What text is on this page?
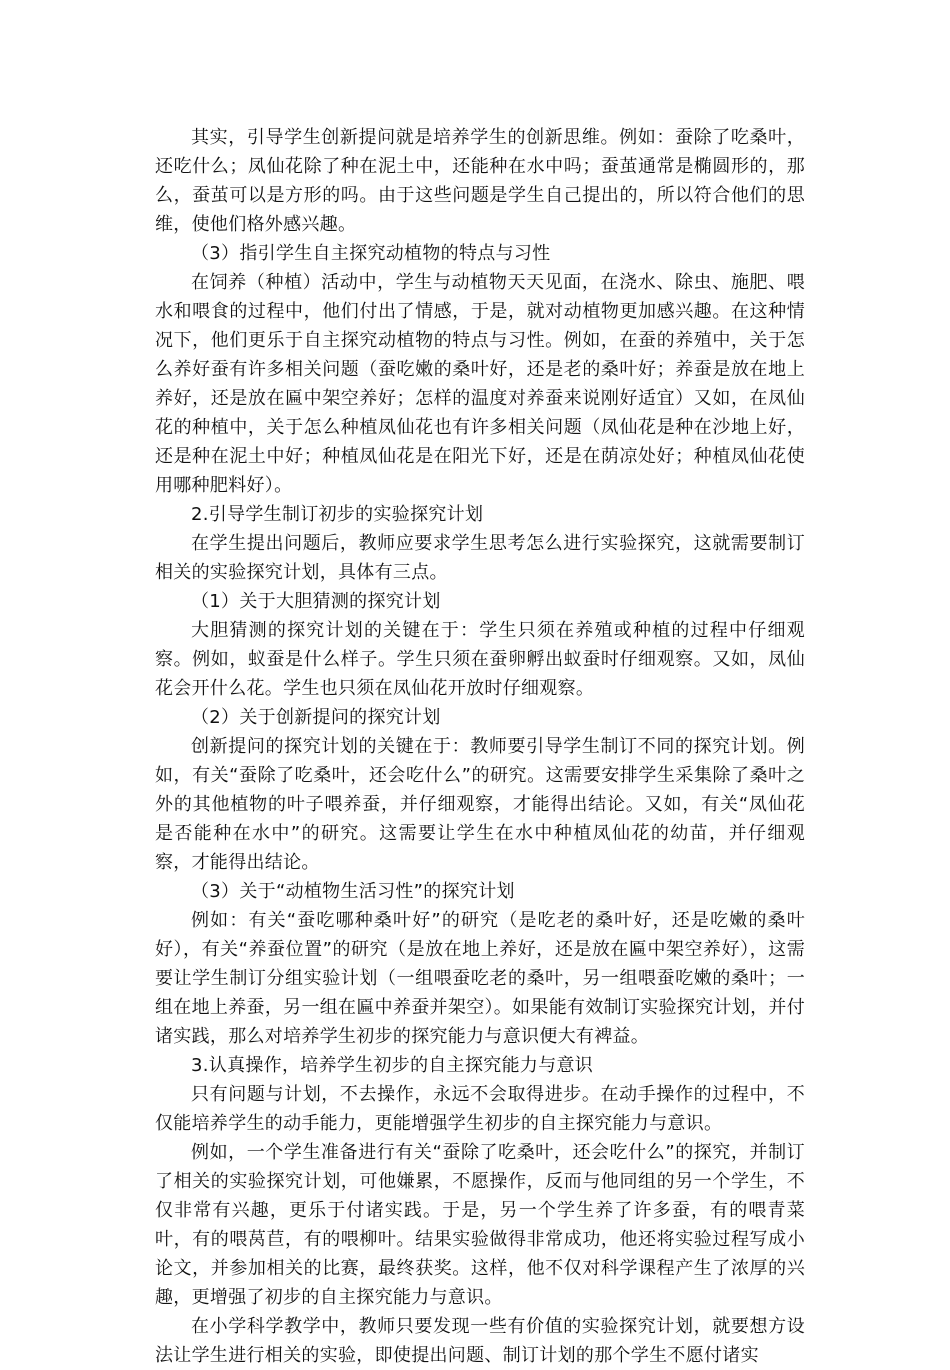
其实，引导学生创新提问就是培养学生的创新思维。例如：蚕除了吃桑叶，还吃什么；凤仙花除了种在泥土中，还能种在水中吗；蚕茧通常是椭圆形的，那么，蚕茧可以是方形的吗。由于这些问题是学生自己提出的，所以符合他们的思维，使他们格外感兴趣。

（3）指引学生自主探究动植物的特点与习性

在饲养（种植）活动中，学生与动植物天天见面，在浇水、除虫、施肥、喂水和喂食的过程中，他们付出了情感，于是，就对动植物更加感兴趣。在这种情况下，他们更乐于自主探究动植物的特点与习性。例如，在蚕的养殖中，关于怎么养好蚕有许多相关问题（蚕吃嫩的桑叶好，还是老的桑叶好；养蚕是放在地上养好，还是放在匾中架空养好；怎样的温度对养蚕来说刚好适宜）又如，在凤仙花的种植中，关于怎么种植凤仙花也有许多相关问题（凤仙花是种在沙地上好，还是种在泥土中好；种植凤仙花是在阳光下好，还是在荫凉处好；种植凤仙花使用哪种肥料好）。

2.引导学生制订初步的实验探究计划

在学生提出问题后，教师应要求学生思考怎么进行实验探究，这就需要制订相关的实验探究计划，具体有三点。

（1）关于大胆猜测的探究计划

大胆猜测的探究计划的关键在于：学生只须在养殖或种植的过程中仔细观察。例如，蚁蚕是什么样子。学生只须在蚕卵孵出蚁蚕时仔细观察。又如，凤仙花会开什么花。学生也只须在凤仙花开放时仔细观察。

（2）关于创新提问的探究计划

创新提问的探究计划的关键在于：教师要引导学生制订不同的探究计划。例如，有关“蚕除了吃桑叶，还会吃什么”的研究。这需要安排学生采集除了桑叶之外的其他植物的叶子喂养蚕，并仔细观察，才能得出结论。又如，有关“凤仙花是否能种在水中”的研究。这需要让学生在水中种植凤仙花的幼苗，并仔细观察，才能得出结论。

（3）关于“动植物生活习性”的探究计划

例如：有关“蚕吃哪种桑叶好”的研究（是吃老的桑叶好，还是吃嫩的桑叶好），有关“养蚕位置”的研究（是放在地上养好，还是放在匾中架空养好），这需要让学生制订分组实验计划（一组喂蚕吃老的桑叶，另一组喂蚕吃嫩的桑叶；一组在地上养蚕，另一组在匾中养蚕并架空）。如果能有效制订实验探究计划，并付诸实践，那么对培养学生初步的探究能力与意识便大有裨益。

3.认真操作，培养学生初步的自主探究能力与意识

只有问题与计划，不去操作，永远不会取得进步。在动手操作的过程中，不仅能培养学生的动手能力，更能增强学生初步的自主探究能力与意识。

例如，一个学生准备进行有关“蚕除了吃桑叶，还会吃什么”的探究，并制订了相关的实验探究计划，可他嫌累，不愿操作，反而与他同组的另一个学生，不仅非常有兴趣，更乐于付诸实践。于是，另一个学生养了许多蚕，有的喂青菜叶，有的喂莴苣，有的喂柳叶。结果实验做得非常成功，他还将实验过程写成小论文，并参加相关的比赛，最终获奖。这样，他不仅对科学课程产生了浓厚的兴趣，更增强了初步的自主探究能力与意识。

在小学科学教学中，教师只要发现一些有价值的实验探究计划，就要想方设法让学生进行相关的实验，即使提出问题、制订计划的那个学生不愿付诸实
